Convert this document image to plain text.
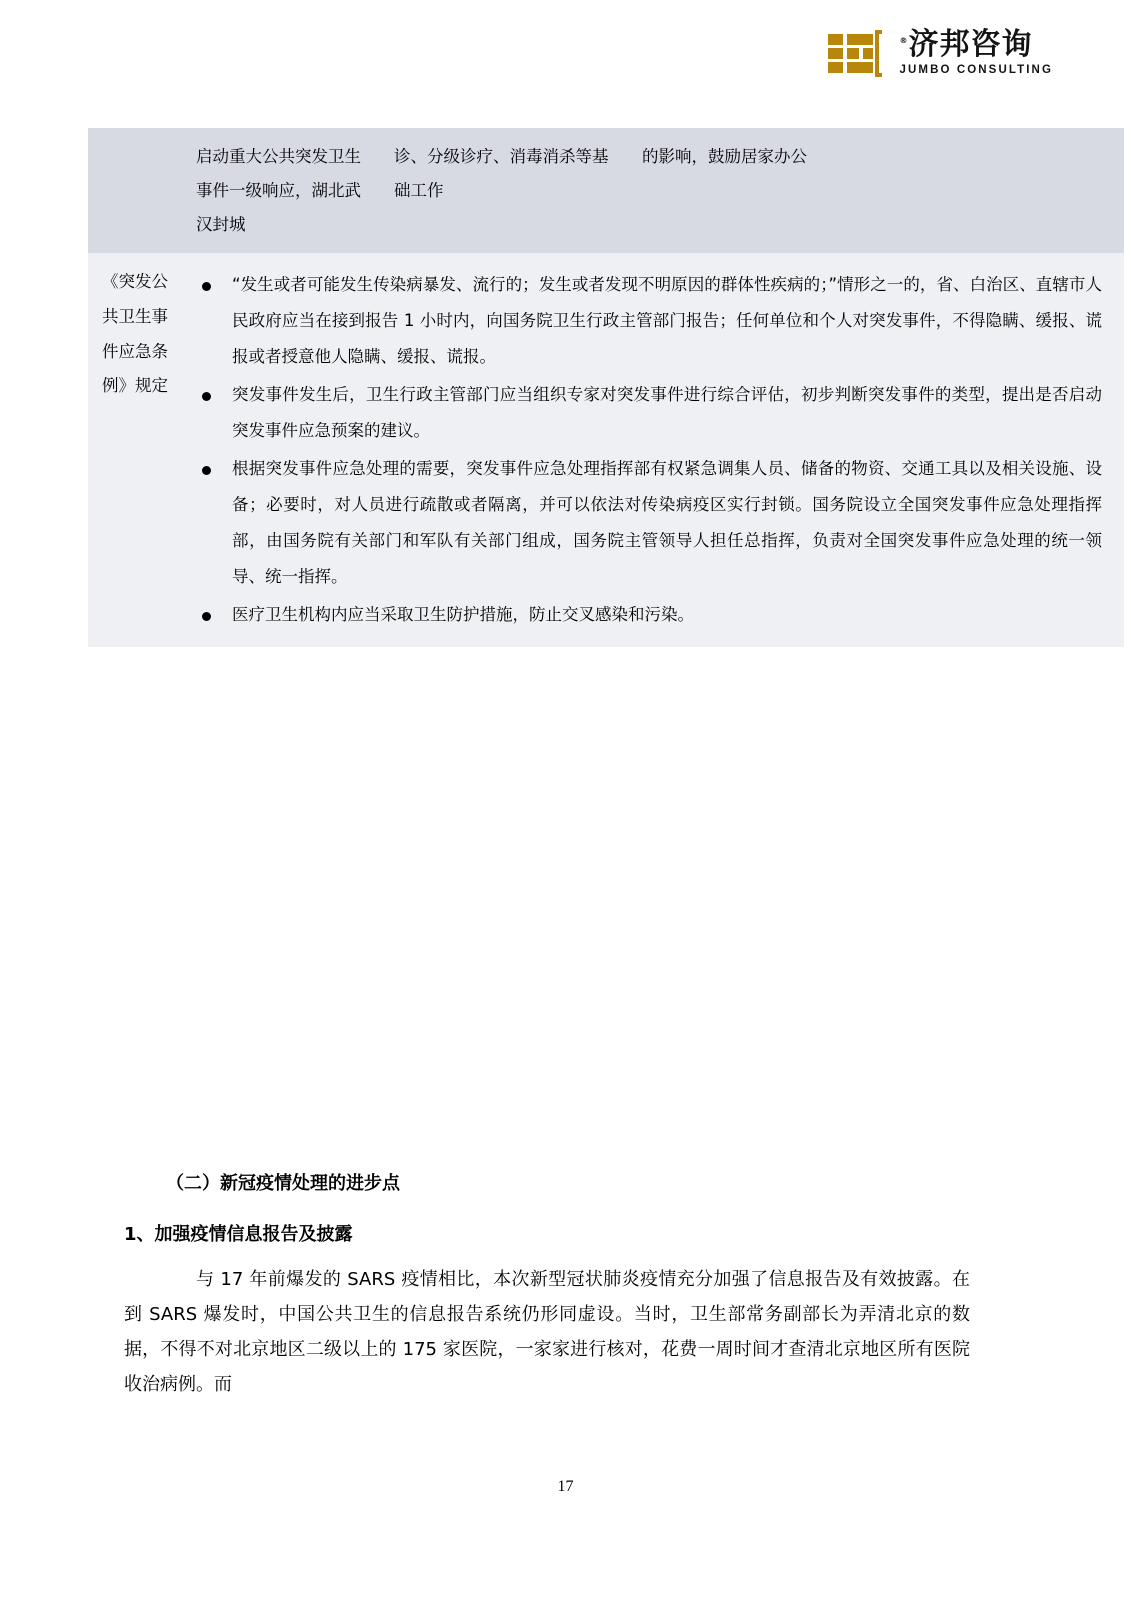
®济邦咨询
JUMBO CONSULTING
	启动重大公共突发卫生事件一级响应，湖北武汉封城	诊、分级诊疗、消毒消杀等基础工作	的影响，鼓励居家办公	
《突发公共卫生事件应急条例》规定	
“发生或者可能发生传染病暴发、流行的；发生或者发现不明原因的群体性疾病的；”情形之一的，省、白治区、直辖市人民政府应当在接到报告 1 小时内，向国务院卫生行政主管部门报告；任何单位和个人对突发事件，不得隐瞒、缓报、谎报或者授意他人隐瞒、缓报、谎报。
突发事件发生后，卫生行政主管部门应当组织专家对突发事件进行综合评估，初步判断突发事件的类型，提出是否启动突发事件应急预案的建议。
根据突发事件应急处理的需要，突发事件应急处理指挥部有权紧急调集人员、储备的物资、交通工具以及相关设施、设备；必要时，对人员进行疏散或者隔离，并可以依法对传染病疫区实行封锁。国务院设立全国突发事件应急处理指挥部，由国务院有关部门和军队有关部门组成，国务院主管领导人担任总指挥，负责对全国突发事件应急处理的统一领导、统一指挥。
医疗卫生机构内应当采取卫生防护措施，防止交叉感染和污染。
（二）新冠疫情处理的进步点
1、加强疫情信息报告及披露
与 17 年前爆发的 SARS 疫情相比，本次新型冠状肺炎疫情充分加强了信息报告及有效披露。在到 SARS 爆发时，中国公共卫生的信息报告系统仍形同虚设。当时，卫生部常务副部长为弄清北京的数据，不得不对北京地区二级以上的 175 家医院，一家家进行核对，花费一周时间才查清北京地区所有医院收治病例。而
17
